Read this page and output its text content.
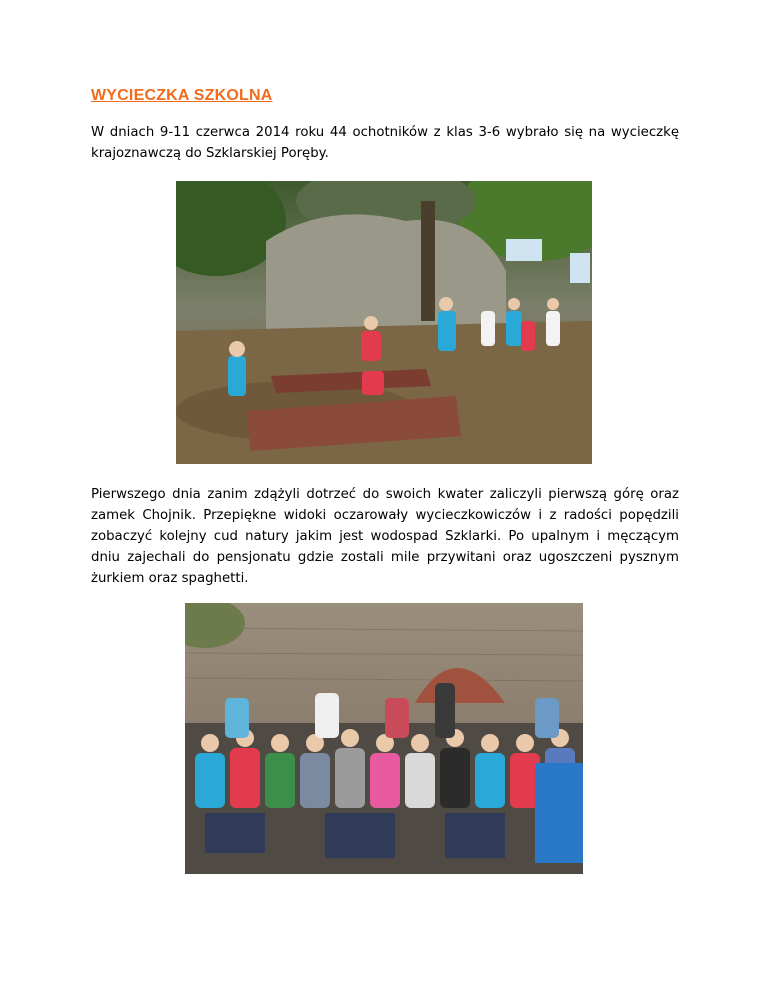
WYCIECZKA SZKOLNA

W dniach 9-11 czerwca 2014 roku 44 ochotników z klas 3-6 wybrało się na wycieczkę krajoznawczą do Szklarskiej Poręby.

Pierwszego dnia zanim zdążyli dotrzeć do swoich kwater zaliczyli pierwszą górę oraz zamek Chojnik. Przepiękne widoki oczarowały wycieczkowiczów i z radości popędzili zobaczyć kolejny cud natury jakim jest wodospad Szklarki. Po upalnym i męczącym dniu zajechali do pensjonatu gdzie zostali mile przywitani oraz ugoszczeni pysznym żurkiem oraz spaghetti.
